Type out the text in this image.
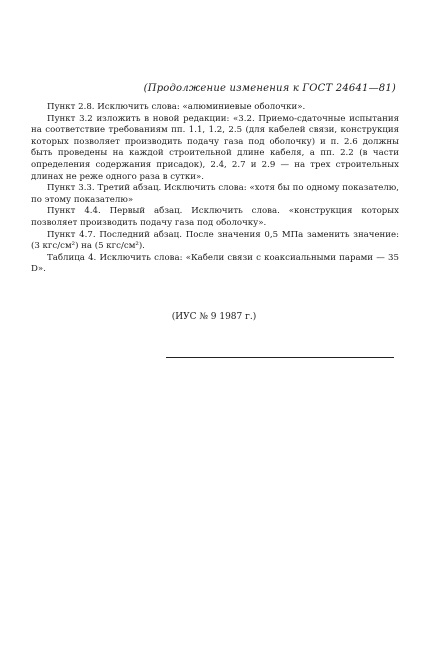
(Продолжение изменения к ГОСТ 24641—81)

Пункт 2.8. Исключить слова: «алюминиевые оболочки».

Пункт 3.2 изложить в новой редакции: «3.2. Приемо-сдаточные испытания на соответствие требованиям пп. 1.1, 1.2, 2.5 (для кабелей связи, конструкция которых позволяет производить подачу газа под оболочку) и п. 2.6 должны быть проведены на каждой строительной длине кабеля, а пп. 2.2 (в части определения содержания присадок), 2.4, 2.7 и 2.9 — на трех строительных длинах не реже одного раза в сутки».

Пункт 3.3. Третий абзац. Исключить слова: «хотя бы по одному показателю, по этому показателю»

Пункт 4.4. Первый абзац. Исключить слова. «конструкция которых позволяет производить подачу газа под оболочку».

Пункт 4.7. Последний абзац. После значения 0,5 МПа заменить значение: (3 кгс/см²) на (5 кгс/см²).

Таблица 4. Исключить слова: «Кабели связи с коаксиальными парами — 35 D».

(ИУС № 9 1987 г.)
